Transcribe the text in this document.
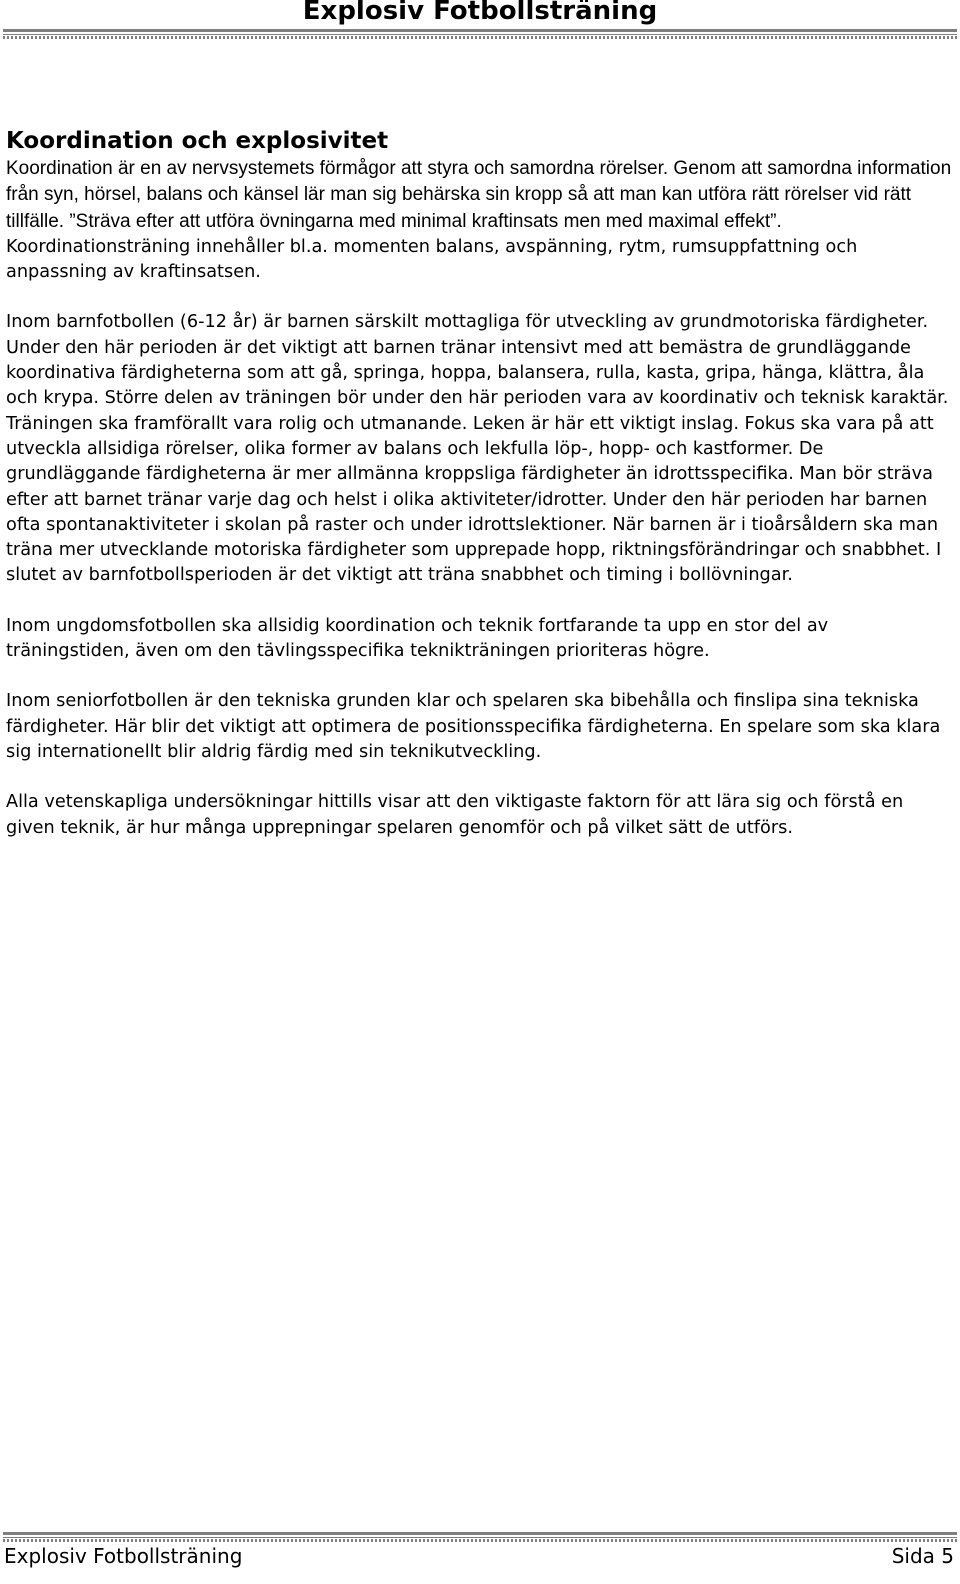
Explosiv Fotbollsträning
Koordination och explosivitet

Koordination är en av nervsystemets förmågor att styra och samordna rörelser. Genom att samordna information från syn, hörsel, balans och känsel lär man sig behärska sin kropp så att man kan utföra rätt rörelser vid rätt tillfälle. ”Sträva efter att utföra övningarna med minimal kraftinsats men med maximal effekt”. Koordinationsträning innehåller bl.a. momenten balans, avspänning, rytm, rumsuppfattning och anpassning av kraftinsatsen.

Inom barnfotbollen (6-12 år) är barnen särskilt mottagliga för utveckling av grundmotoriska färdigheter.

Under den här perioden är det viktigt att barnen tränar intensivt med att bemästra de grundläggande koordinativa färdigheterna som att gå, springa, hoppa, balansera, rulla, kasta, gripa, hänga, klättra, åla och krypa. Större delen av träningen bör under den här perioden vara av koordinativ och teknisk karaktär. Träningen ska framförallt vara rolig och utmanande. Leken är här ett viktigt inslag. Fokus ska vara på att utveckla allsidiga rörelser, olika former av balans och lekfulla löp-, hopp- och kastformer. De grundläggande färdigheterna är mer allmänna kroppsliga färdigheter än idrottsspecifika. Man bör sträva efter att barnet tränar varje dag och helst i olika aktiviteter/idrotter. Under den här perioden har barnen ofta spontanaktiviteter i skolan på raster och under idrottslektioner. När barnen är i tioårsåldern ska man träna mer utvecklande motoriska färdigheter som upprepade hopp, riktningsförändringar och snabbhet. I slutet av barnfotbollsperioden är det viktigt att träna snabbhet och timing i bollövningar.

Inom ungdomsfotbollen ska allsidig koordination och teknik fortfarande ta upp en stor del av träningstiden, även om den tävlingsspecifika teknikträningen prioriteras högre.

Inom seniorfotbollen är den tekniska grunden klar och spelaren ska bibehålla och finslipa sina tekniska färdigheter. Här blir det viktigt att optimera de positionsspecifika färdigheterna. En spelare som ska klara sig internationellt blir aldrig färdig med sin teknikutveckling.

Alla vetenskapliga undersökningar hittills visar att den viktigaste faktorn för att lära sig och förstå en given teknik, är hur många upprepningar spelaren genomför och på vilket sätt de utförs.

Explosiv Fotbollsträning	Sida 5
